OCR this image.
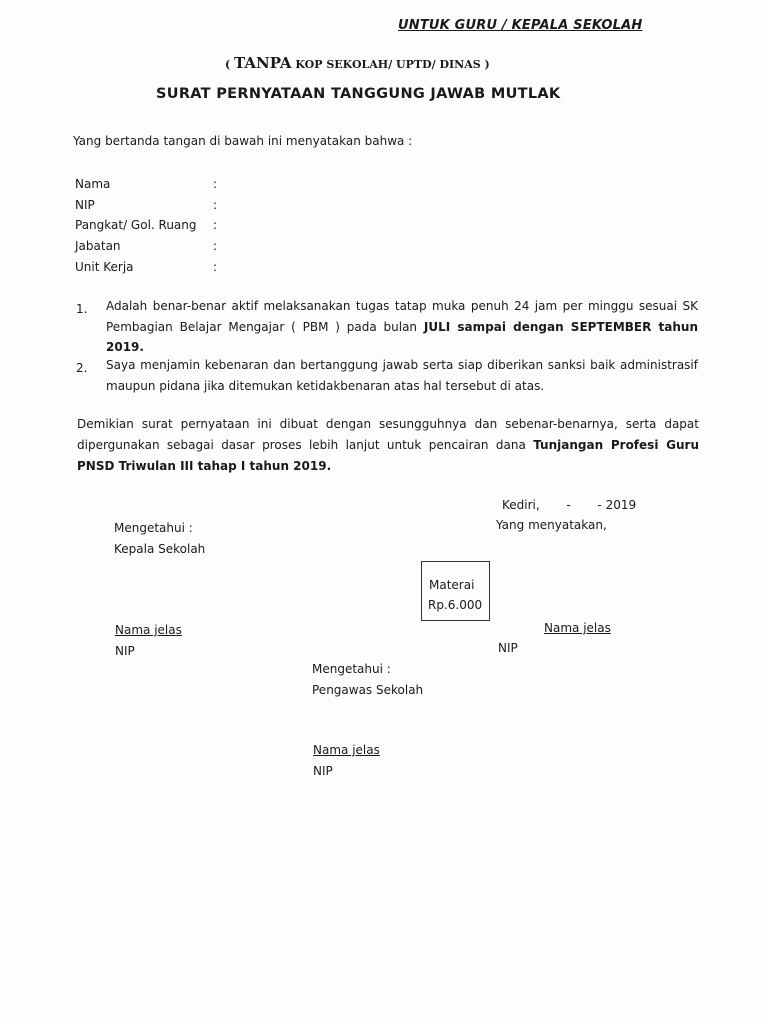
UNTUK GURU / KEPALA SEKOLAH
( TANPA KOP SEKOLAH/ UPTD/ DINAS )
SURAT PERNYATAAN TANGGUNG JAWAB MUTLAK
Yang bertanda tangan di bawah ini menyatakan bahwa :
Nama	:
NIP	:
Pangkat/ Gol. Ruang :
Jabatan	:
Unit Kerja	:
1. Adalah benar-benar aktif melaksanakan tugas tatap muka penuh 24 jam per minggu sesuai SK Pembagian Belajar Mengajar ( PBM ) pada bulan JULI sampai dengan SEPTEMBER tahun 2019.
2. Saya menjamin kebenaran dan bertanggung jawab serta siap diberikan sanksi baik administrasif maupun pidana jika ditemukan ketidakbenaran atas hal tersebut di atas.
Demikian surat pernyataan ini dibuat dengan sesungguhnya dan sebenar-benarnya, serta dapat dipergunakan sebagai dasar proses lebih lanjut untuk pencairan dana Tunjangan Profesi Guru PNSD Triwulan III tahap I tahun 2019.
Kediri,       -       - 2019
Yang menyatakan,
Mengetahui :
Kepala Sekolah
Materai
Rp.6.000
Nama jelas
NIP
Nama jelas
NIP
Mengetahui :
Pengawas Sekolah
Nama jelas
NIP
